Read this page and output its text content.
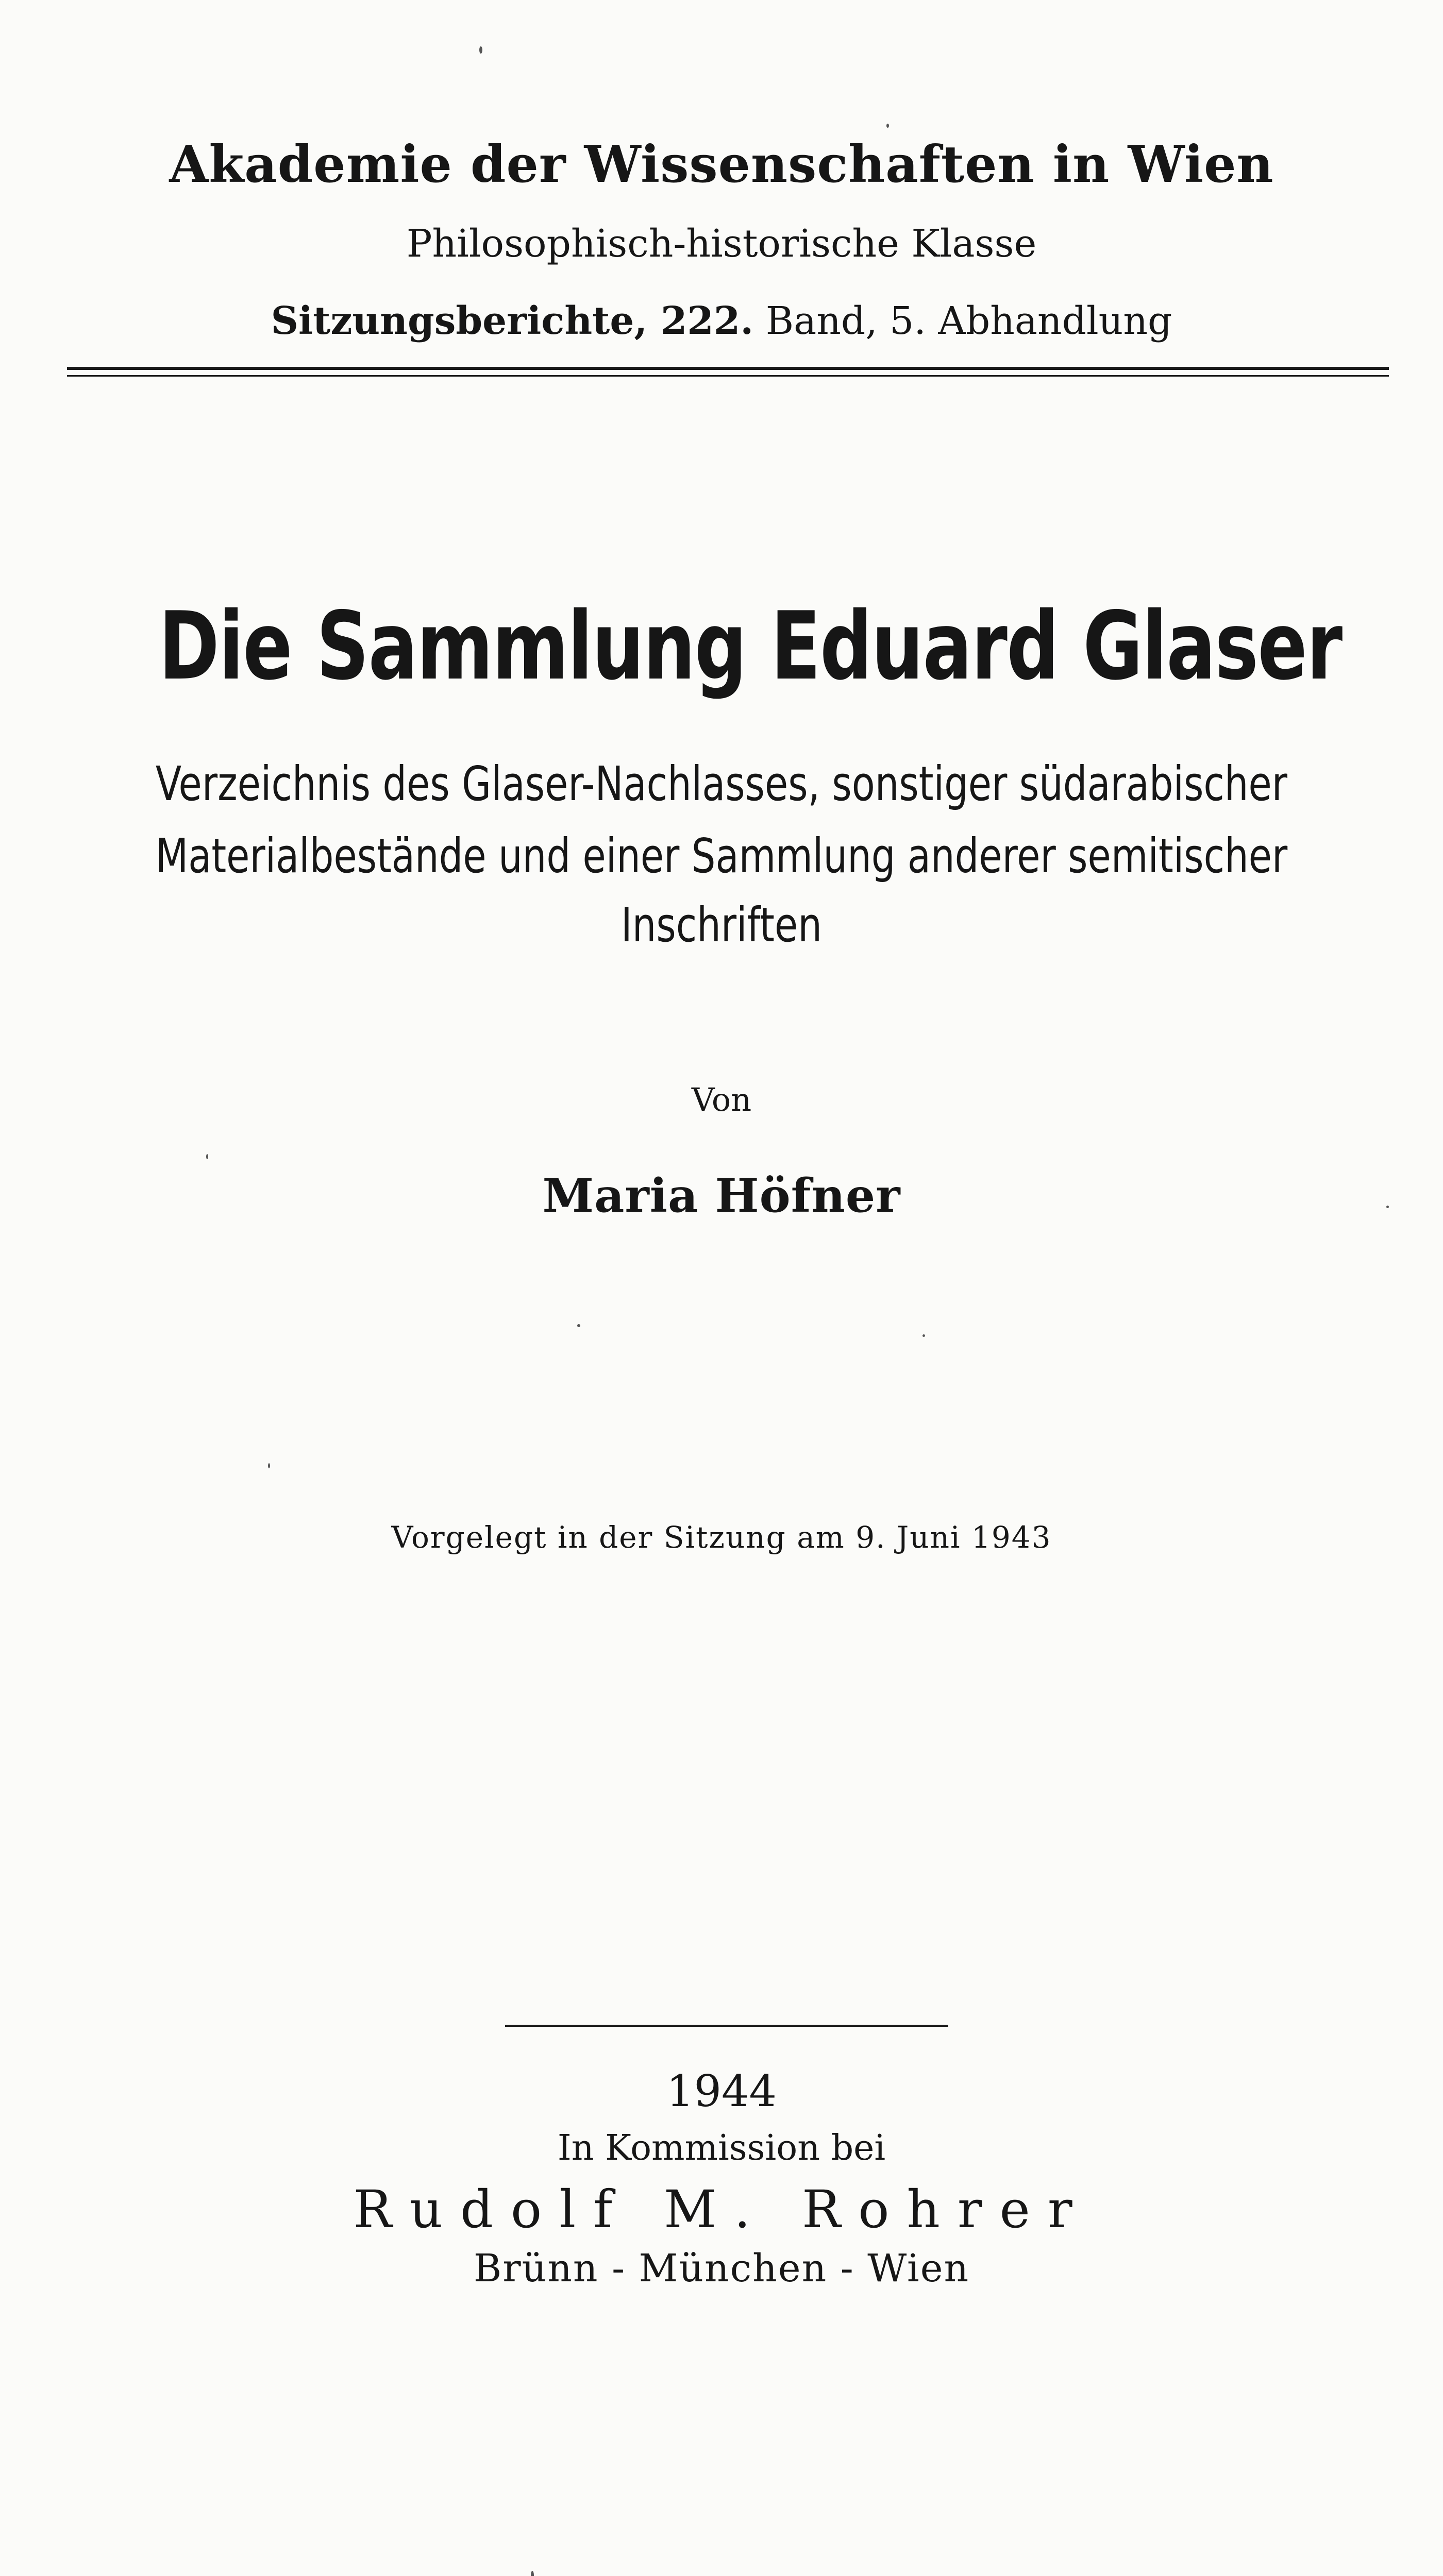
Akademie der Wissenschaften in Wien
Philosophisch-historische Klasse
Sitzungsberichte, 222. Band, 5. Abhandlung
Die Sammlung Eduard Glaser
Verzeichnis des Glaser-Nachlasses, sonstiger südarabischer
Materialbestände und einer Sammlung anderer semitischer
Inschriften
Von
Maria Höfner
Vorgelegt in der Sitzung am 9. Juni 1943
1944
In Kommission bei
Rudolf M. Rohrer
Brünn - München - Wien
